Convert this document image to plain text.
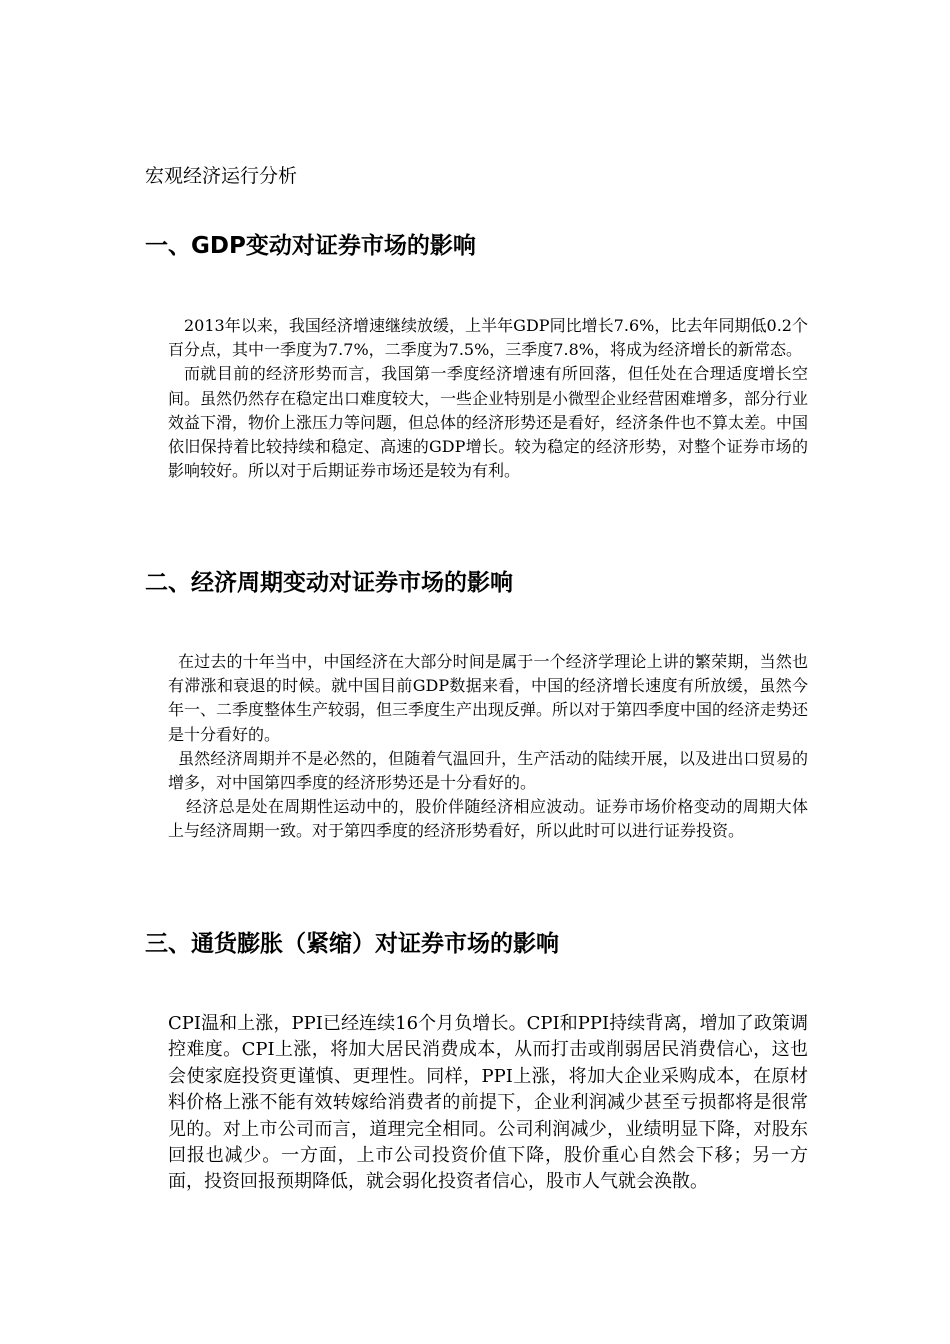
宏观经济运行分析
一、GDP变动对证券市场的影响

2013年以来，我国经济增速继续放缓，上半年GDP同比增长7.6%，比去年同期低0.2个百分点，其中一季度为7.7%，二季度为7.5%，三季度7.8%，将成为经济增长的新常态。

而就目前的经济形势而言，我国第一季度经济增速有所回落，但任处在合理适度增长空间。虽然仍然存在稳定出口难度较大，一些企业特别是小微型企业经营困难增多，部分行业效益下滑，物价上涨压力等问题，但总体的经济形势还是看好，经济条件也不算太差。中国依旧保持着比较持续和稳定、高速的GDP增长。较为稳定的经济形势，对整个证券市场的影响较好。所以对于后期证券市场还是较为有利。

二、经济周期变动对证券市场的影响

在过去的十年当中，中国经济在大部分时间是属于一个经济学理论上讲的繁荣期，当然也有滞涨和衰退的时候。就中国目前GDP数据来看，中国的经济增长速度有所放缓，虽然今年一、二季度整体生产较弱，但三季度生产出现反弹。所以对于第四季度中国的经济走势还是十分看好的。

虽然经济周期并不是必然的，但随着气温回升，生产活动的陆续开展，以及进出口贸易的增多，对中国第四季度的经济形势还是十分看好的。

经济总是处在周期性运动中的，股价伴随经济相应波动。证券市场价格变动的周期大体上与经济周期一致。对于第四季度的经济形势看好，所以此时可以进行证券投资。

三、通货膨胀（紧缩）对证券市场的影响

CPI温和上涨，PPI已经连续16个月负增长。CPI和PPI持续背离，增加了政策调控难度。CPI上涨，将加大居民消费成本，从而打击或削弱居民消费信心，这也会使家庭投资更谨慎、更理性。同样，PPI上涨，将加大企业采购成本，在原材料价格上涨不能有效转嫁给消费者的前提下，企业利润减少甚至亏损都将是很常见的。对上市公司而言，道理完全相同。公司利润减少，业绩明显下降，对股东回报也减少。一方面，上市公司投资价值下降，股价重心自然会下移；另一方面，投资回报预期降低，就会弱化投资者信心，股市人气就会涣散。
